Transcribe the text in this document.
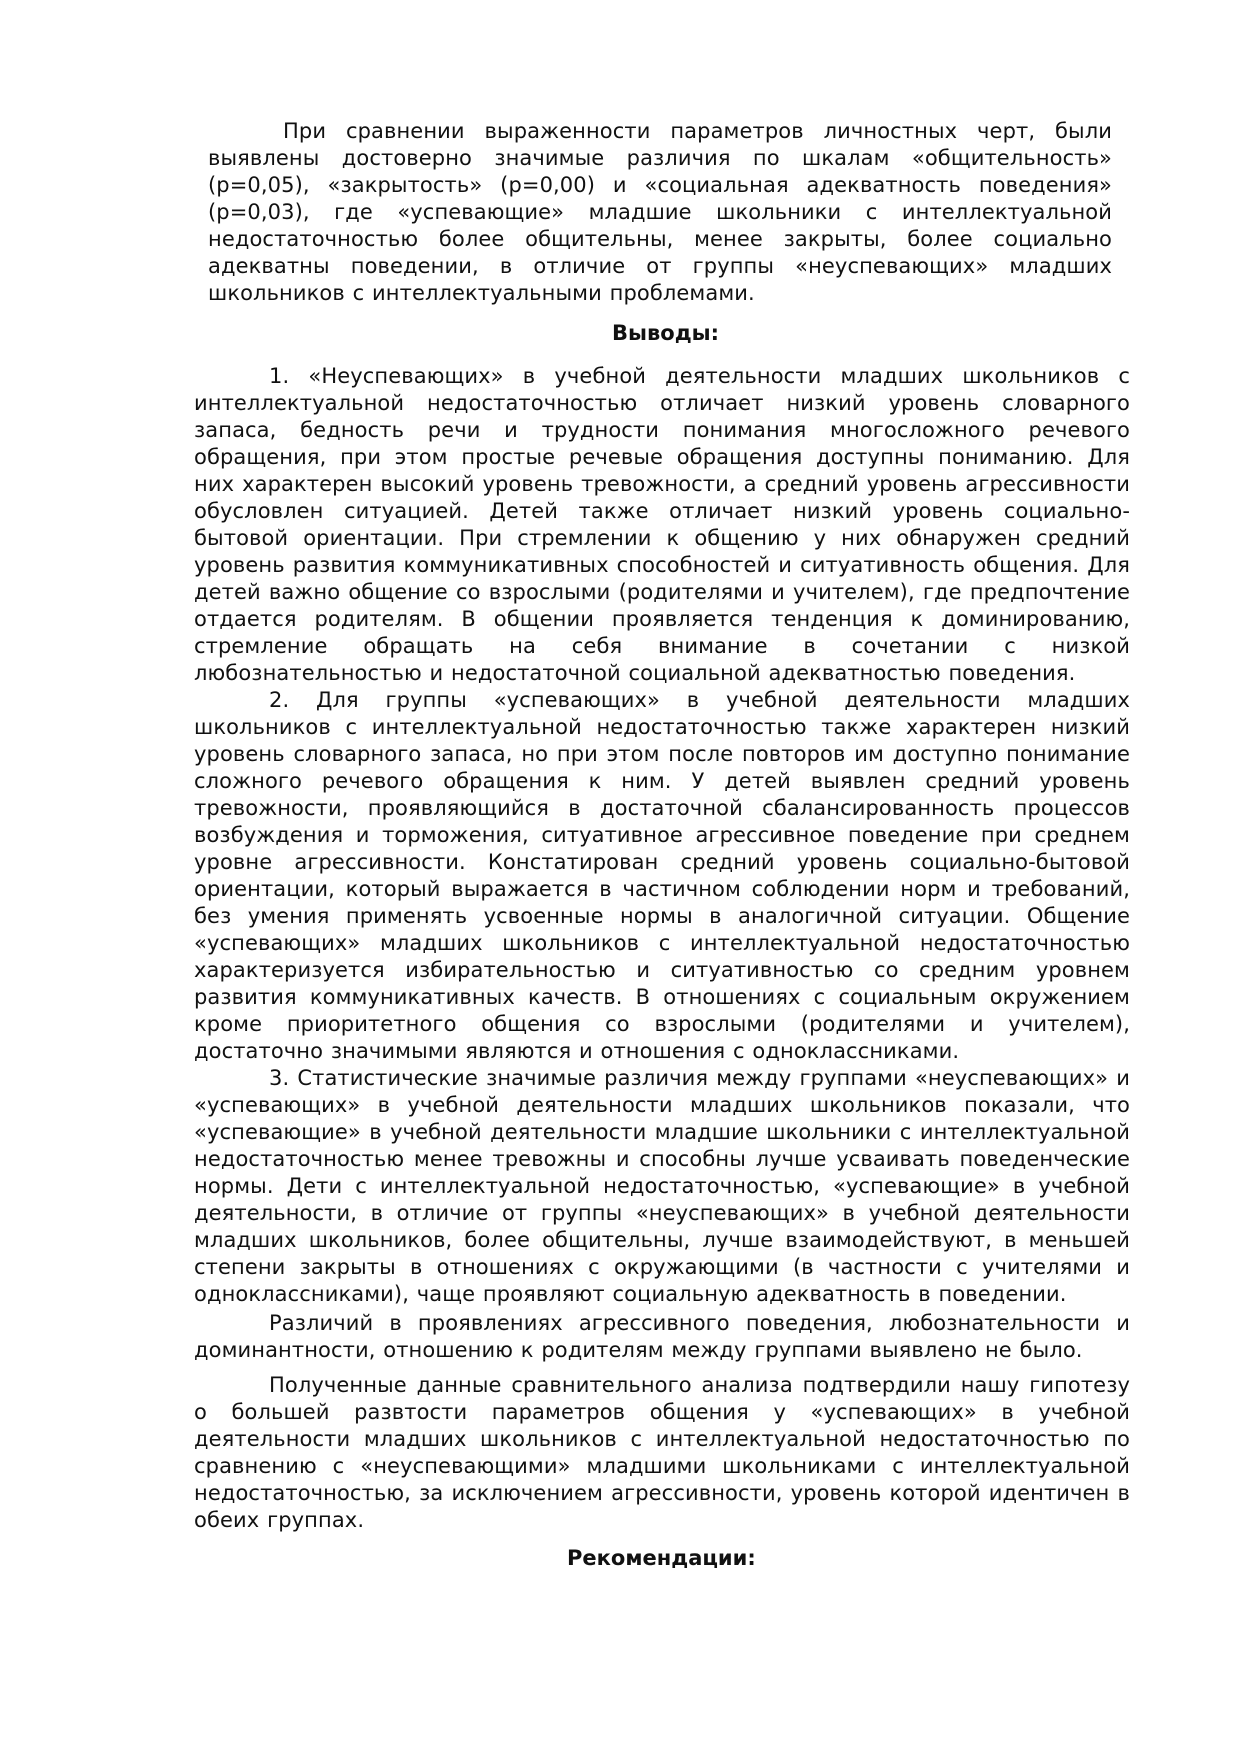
При сравнении выраженности параметров личностных черт, были выявлены достоверно значимые различия по шкалам «общительность» (p=0,05), «закрытость» (p=0,00) и «социальная адекватность поведения» (p=0,03), где «успевающие» младшие школьники с интеллектуальной недостаточностью более общительны, менее закрыты, более социально адекватны поведении, в отличие от группы «неуспевающих» младших школьников с интеллектуальными проблемами.

Выводы:

1. «Неуспевающих» в учебной деятельности младших школьников с интеллектуальной недостаточностью отличает низкий уровень словарного запаса, бедность речи и трудности понимания многосложного речевого обращения, при этом простые речевые обращения доступны пониманию. Для них характерен высокий уровень тревожности, а средний уровень агрессивности обусловлен ситуацией. Детей также отличает низкий уровень социально-бытовой ориентации. При стремлении к общению у них обнаружен средний уровень развития коммуникативных способностей и ситуативность общения. Для детей важно общение со взрослыми (родителями и учителем), где предпочтение отдается родителям. В общении проявляется тенденция к доминированию, стремление обращать на себя внимание в сочетании с низкой любознательностью и недостаточной социальной адекватностью поведения.

2. Для группы «успевающих» в учебной деятельности младших школьников с интеллектуальной недостаточностью также характерен низкий уровень словарного запаса, но при этом после повторов им доступно понимание сложного речевого обращения к ним. У детей выявлен средний уровень тревожности, проявляющийся в достаточной сбалансированность процессов возбуждения и торможения, ситуативное агрессивное поведение при среднем уровне агрессивности. Констатирован средний уровень социально-бытовой ориентации, который выражается в частичном соблюдении норм и требований, без умения применять усвоенные нормы в аналогичной ситуации. Общение «успевающих» младших школьников с интеллектуальной недостаточностью характеризуется избирательностью и ситуативностью со средним уровнем развития коммуникативных качеств. В отношениях с социальным окружением кроме приоритетного общения со взрослыми (родителями и учителем), достаточно значимыми являются и отношения с одноклассниками.

3. Статистические значимые различия между группами «неуспевающих» и «успевающих» в учебной деятельности младших школьников показали, что «успевающие» в учебной деятельности младшие школьники с интеллектуальной недостаточностью менее тревожны и способны лучше усваивать поведенческие нормы. Дети с интеллектуальной недостаточностью, «успевающие» в учебной деятельности, в отличие от группы «неуспевающих» в учебной деятельности младших школьников, более общительны, лучше взаимодействуют, в меньшей степени закрыты в отношениях с окружающими (в частности с учителями и одноклассниками), чаще проявляют социальную адекватность в поведении.

Различий в проявлениях агрессивного поведения, любознательности и доминантности, отношению к родителям между группами выявлено не было.

Полученные данные сравнительного анализа подтвердили нашу гипотезу о большей развтости параметров общения у «успевающих» в учебной деятельности младших школьников с интеллектуальной недостаточностью по сравнению с «неуспевающими» младшими школьниками с интеллектуальной недостаточностью, за исключением агрессивности, уровень которой идентичен в обеих группах.

Рекомендации:
